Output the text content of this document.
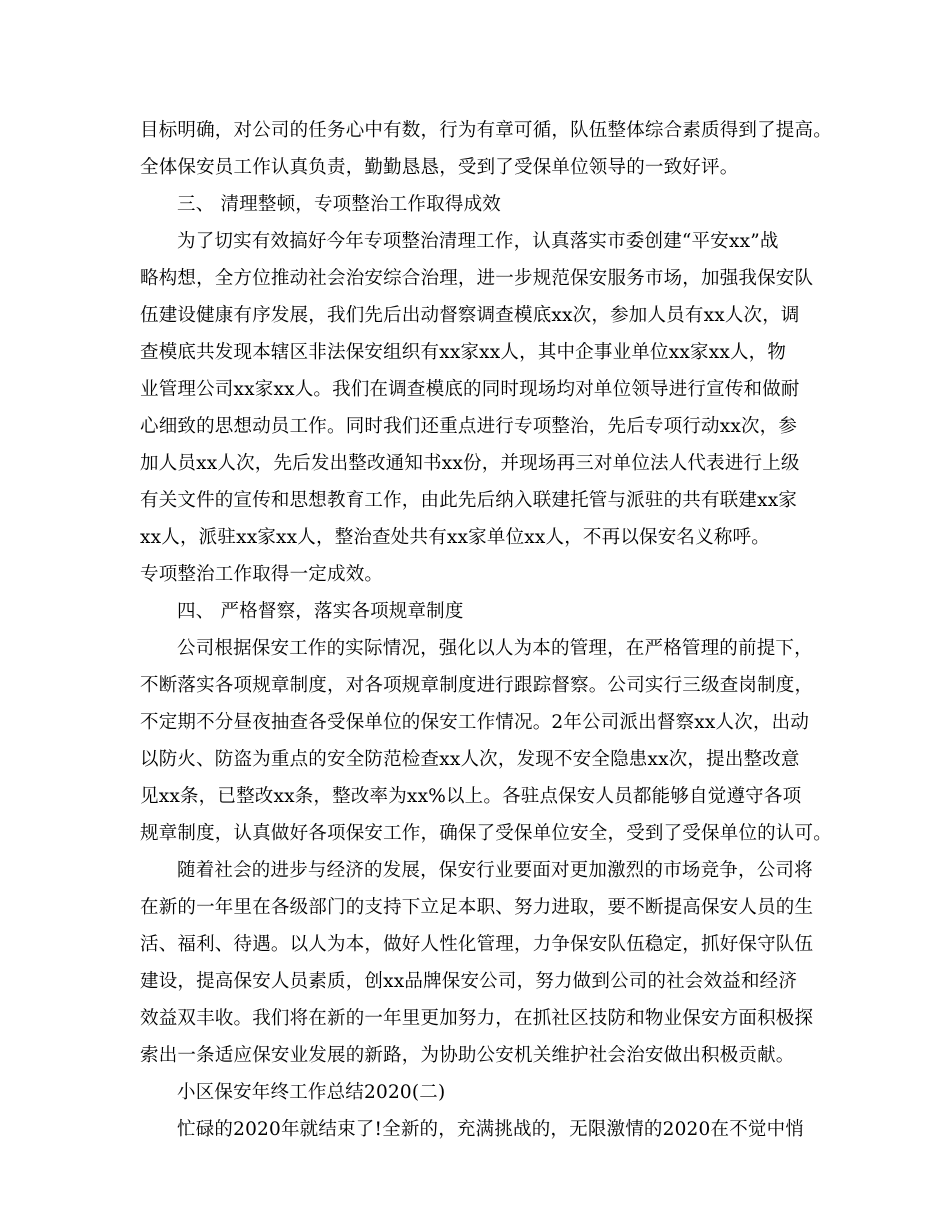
目标明确，对公司的任务心中有数，行为有章可循，队伍整体综合素质得到了提高。
全体保安员工作认真负责，勤勤恳恳，受到了受保单位领导的一致好评。
三、 清理整顿，专项整治工作取得成效
为了切实有效搞好今年专项整治清理工作，认真落实市委创建“平安xx”战
略构想，全方位推动社会治安综合治理，进一步规范保安服务市场，加强我保安队
伍建设健康有序发展，我们先后出动督察调查模底xx次，参加人员有xx人次，调
查模底共发现本辖区非法保安组织有xx家xx人，其中企事业单位xx家xx人，物
业管理公司xx家xx人。我们在调查模底的同时现场均对单位领导进行宣传和做耐
心细致的思想动员工作。同时我们还重点进行专项整治，先后专项行动xx次，参
加人员xx人次，先后发出整改通知书xx份，并现场再三对单位法人代表进行上级
有关文件的宣传和思想教育工作，由此先后纳入联建托管与派驻的共有联建xx家
xx人，派驻xx家xx人，整治查处共有xx家单位xx人，不再以保安名义称呼。
专项整治工作取得一定成效。
四、 严格督察，落实各项规章制度
公司根据保安工作的实际情况，强化以人为本的管理，在严格管理的前提下，
不断落实各项规章制度，对各项规章制度进行跟踪督察。公司实行三级查岗制度，
不定期不分昼夜抽查各受保单位的保安工作情况。2年公司派出督察xx人次，出动
以防火、防盗为重点的安全防范检查xx人次，发现不安全隐患xx次，提出整改意
见xx条，已整改xx条，整改率为xx%以上。各驻点保安人员都能够自觉遵守各项
规章制度，认真做好各项保安工作，确保了受保单位安全，受到了受保单位的认可。
随着社会的进步与经济的发展，保安行业要面对更加激烈的市场竞争，公司将
在新的一年里在各级部门的支持下立足本职、努力进取，要不断提高保安人员的生
活、福利、待遇。以人为本，做好人性化管理，力争保安队伍稳定，抓好保守队伍
建设，提高保安人员素质，创xx品牌保安公司，努力做到公司的社会效益和经济
效益双丰收。我们将在新的一年里更加努力，在抓社区技防和物业保安方面积极探
索出一条适应保安业发展的新路，为协助公安机关维护社会治安做出积极贡献。
小区保安年终工作总结2020(二)
忙碌的2020年就结束了!全新的，充满挑战的，无限激情的2020在不觉中悄
